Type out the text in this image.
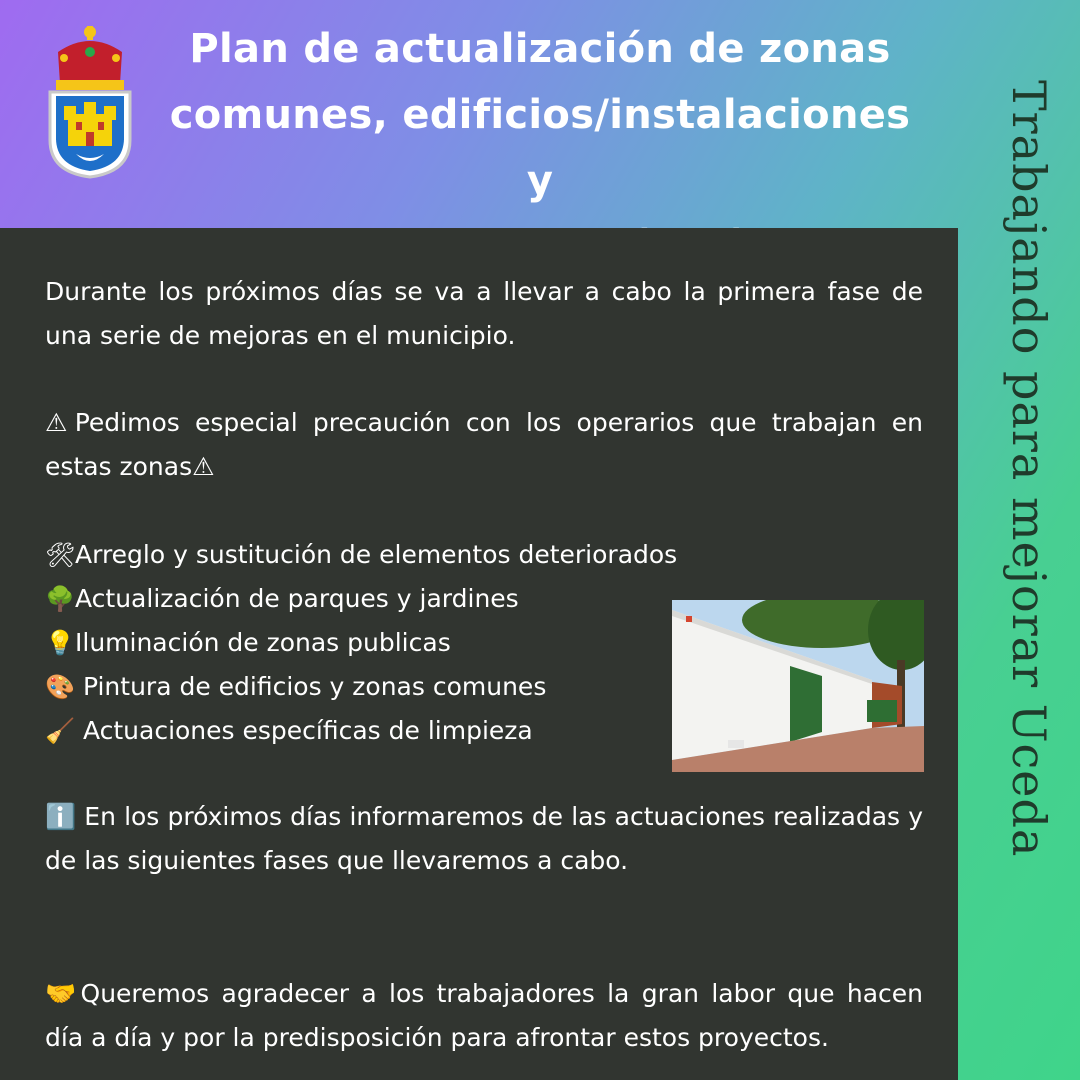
Plan de actualización de zonas
comunes, edificios/instalaciones y

Durante los próximos días se va a llevar a cabo la primera fase de una serie de mejoras en el municipio.

⚠Pedimos especial precaución con los operarios que trabajan en estas zonas⚠

🛠Arreglo y sustitución de elementos deteriorados
🌳Actualización de parques y jardines
💡Iluminación de zonas publicas
🎨 Pintura de edificios y zonas comunes
🧹 Actuaciones específicas de limpieza

ℹ️ En los próximos días informaremos de las actuaciones realizadas y de las siguientes fases que llevaremos a cabo.

🤝Queremos agradecer a los trabajadores la gran labor que hacen día a día y por la predisposición para afrontar estos proyectos.

Trabajando para mejorar Uceda
